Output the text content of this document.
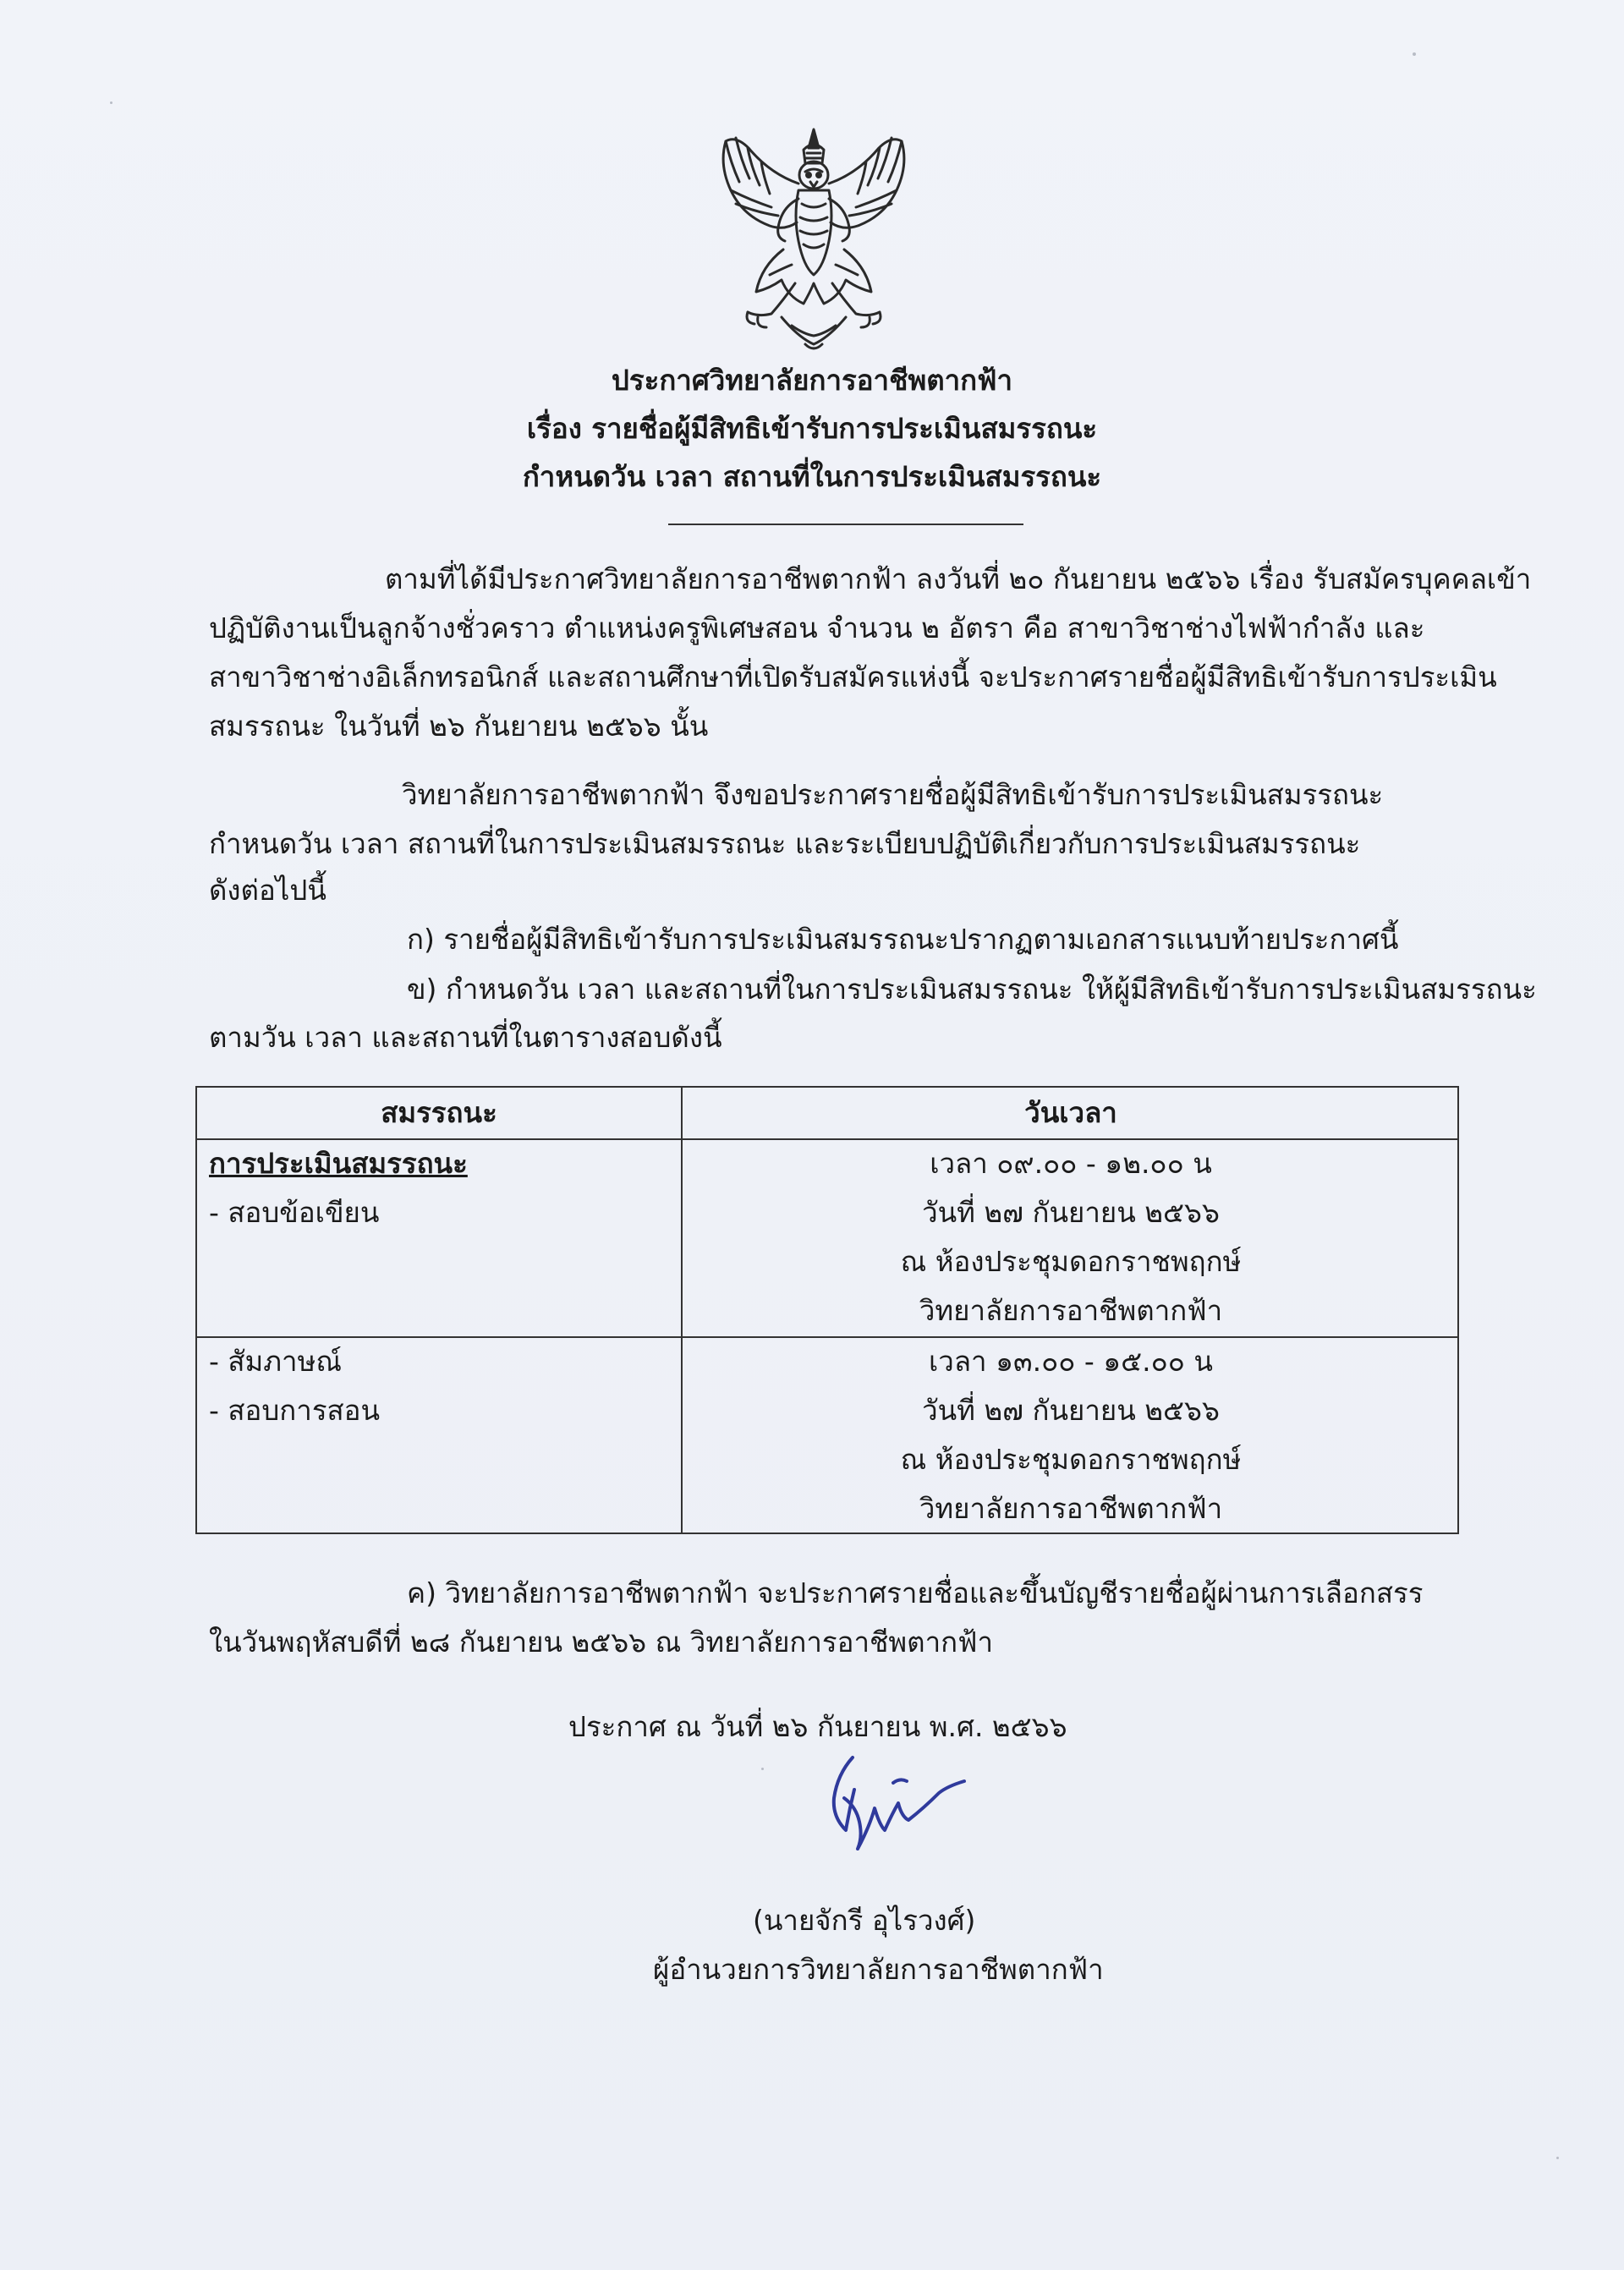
ประกาศวิทยาลัยการอาชีพตากฟ้า
เรื่อง รายชื่อผู้มีสิทธิเข้ารับการประเมินสมรรถนะ
กำหนดวัน เวลา สถานที่ในการประเมินสมรรถนะ
ตามที่ได้มีประกาศวิทยาลัยการอาชีพตากฟ้า ลงวันที่ ๒๐ กันยายน ๒๕๖๖ เรื่อง รับสมัครบุคคลเข้า
ปฏิบัติงานเป็นลูกจ้างชั่วคราว ตำแหน่งครูพิเศษสอน จำนวน ๒ อัตรา คือ สาขาวิชาช่างไฟฟ้ากำลัง และ
สาขาวิชาช่างอิเล็กทรอนิกส์ และสถานศึกษาที่เปิดรับสมัครแห่งนี้ จะประกาศรายชื่อผู้มีสิทธิเข้ารับการประเมิน
สมรรถนะ ในวันที่ ๒๖ กันยายน ๒๕๖๖ นั้น
วิทยาลัยการอาชีพตากฟ้า จึงขอประกาศรายชื่อผู้มีสิทธิเข้ารับการประเมินสมรรถนะ
กำหนดวัน เวลา สถานที่ในการประเมินสมรรถนะ และระเบียบปฏิบัติเกี่ยวกับการประเมินสมรรถนะ
ดังต่อไปนี้
ก) รายชื่อผู้มีสิทธิเข้ารับการประเมินสมรรถนะปรากฏตามเอกสารแนบท้ายประกาศนี้
ข) กำหนดวัน เวลา และสถานที่ในการประเมินสมรรถนะ ให้ผู้มีสิทธิเข้ารับการประเมินสมรรถนะ
ตามวัน เวลา และสถานที่ในตารางสอบดังนี้
สมรรถนะ	วันเวลา
การประเมินสมรรถนะ
- สอบข้อเขียน
เวลา ๐๙.๐๐ - ๑๒.๐๐ น
วันที่ ๒๗ กันยายน ๒๕๖๖
ณ ห้องประชุมดอกราชพฤกษ์
วิทยาลัยการอาชีพตากฟ้า
- สัมภาษณ์
- สอบการสอน
เวลา ๑๓.๐๐ - ๑๕.๐๐ น
วันที่ ๒๗ กันยายน ๒๕๖๖
ณ ห้องประชุมดอกราชพฤกษ์
วิทยาลัยการอาชีพตากฟ้า
ค) วิทยาลัยการอาชีพตากฟ้า จะประกาศรายชื่อและขึ้นบัญชีรายชื่อผู้ผ่านการเลือกสรร
ในวันพฤหัสบดีที่ ๒๘ กันยายน ๒๕๖๖ ณ วิทยาลัยการอาชีพตากฟ้า
ประกาศ ณ วันที่ ๒๖ กันยายน พ.ศ. ๒๕๖๖
(นายจักรี อุไรวงศ์)
ผู้อำนวยการวิทยาลัยการอาชีพตากฟ้า
